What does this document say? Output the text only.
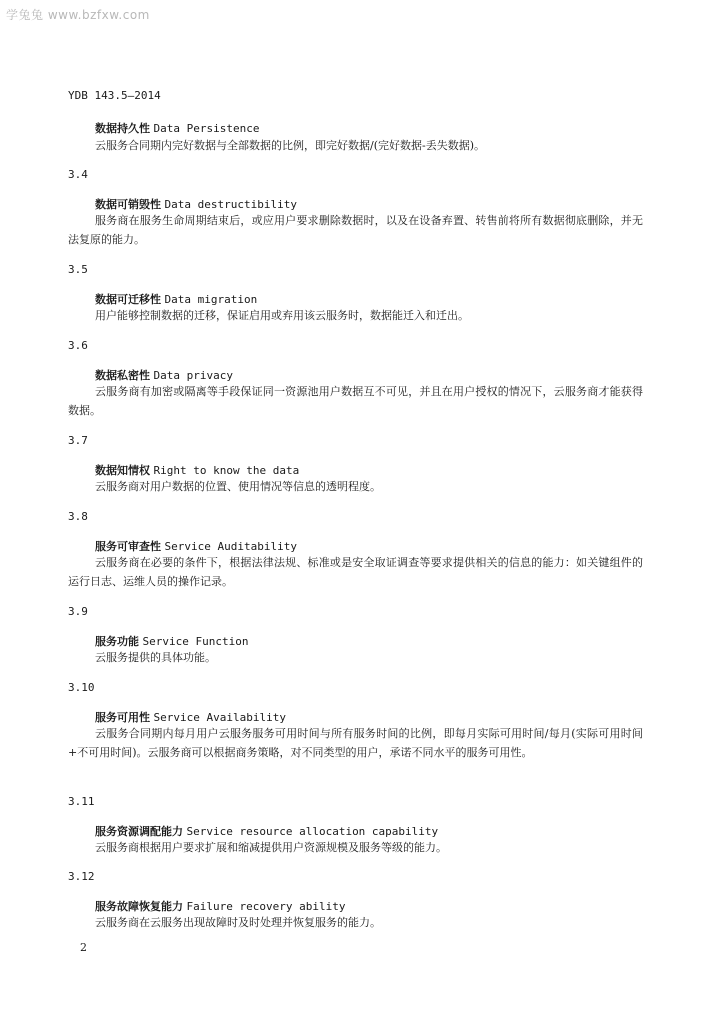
学兔兔 www.bzfxw.com
YDB 143.5—2014
数据持久性 Data Persistence
云服务合同期内完好数据与全部数据的比例，即完好数据/(完好数据-丢失数据)。
3.4
数据可销毁性 Data destructibility
服务商在服务生命周期结束后，或应用户要求删除数据时，以及在设备弃置、转售前将所有数据彻底删除，并无法复原的能力。
3.5
数据可迁移性 Data migration
用户能够控制数据的迁移，保证启用或弃用该云服务时，数据能迁入和迁出。
3.6
数据私密性 Data privacy
云服务商有加密或隔离等手段保证同一资源池用户数据互不可见，并且在用户授权的情况下，云服务商才能获得数据。
3.7
数据知情权 Right to know the data
云服务商对用户数据的位置、使用情况等信息的透明程度。
3.8
服务可审查性 Service Auditability
云服务商在必要的条件下，根据法律法规、标准或是安全取证调查等要求提供相关的信息的能力：如关键组件的运行日志、运维人员的操作记录。
3.9
服务功能 Service Function
云服务提供的具体功能。
3.10
服务可用性 Service Availability
云服务合同期内每月用户云服务服务可用时间与所有服务时间的比例，即每月实际可用时间/每月(实际可用时间+不可用时间)。云服务商可以根据商务策略，对不同类型的用户，承诺不同水平的服务可用性。
3.11
服务资源调配能力 Service resource allocation capability
云服务商根据用户要求扩展和缩减提供用户资源规模及服务等级的能力。
3.12
服务故障恢复能力 Failure recovery ability
云服务商在云服务出现故障时及时处理并恢复服务的能力。
2
